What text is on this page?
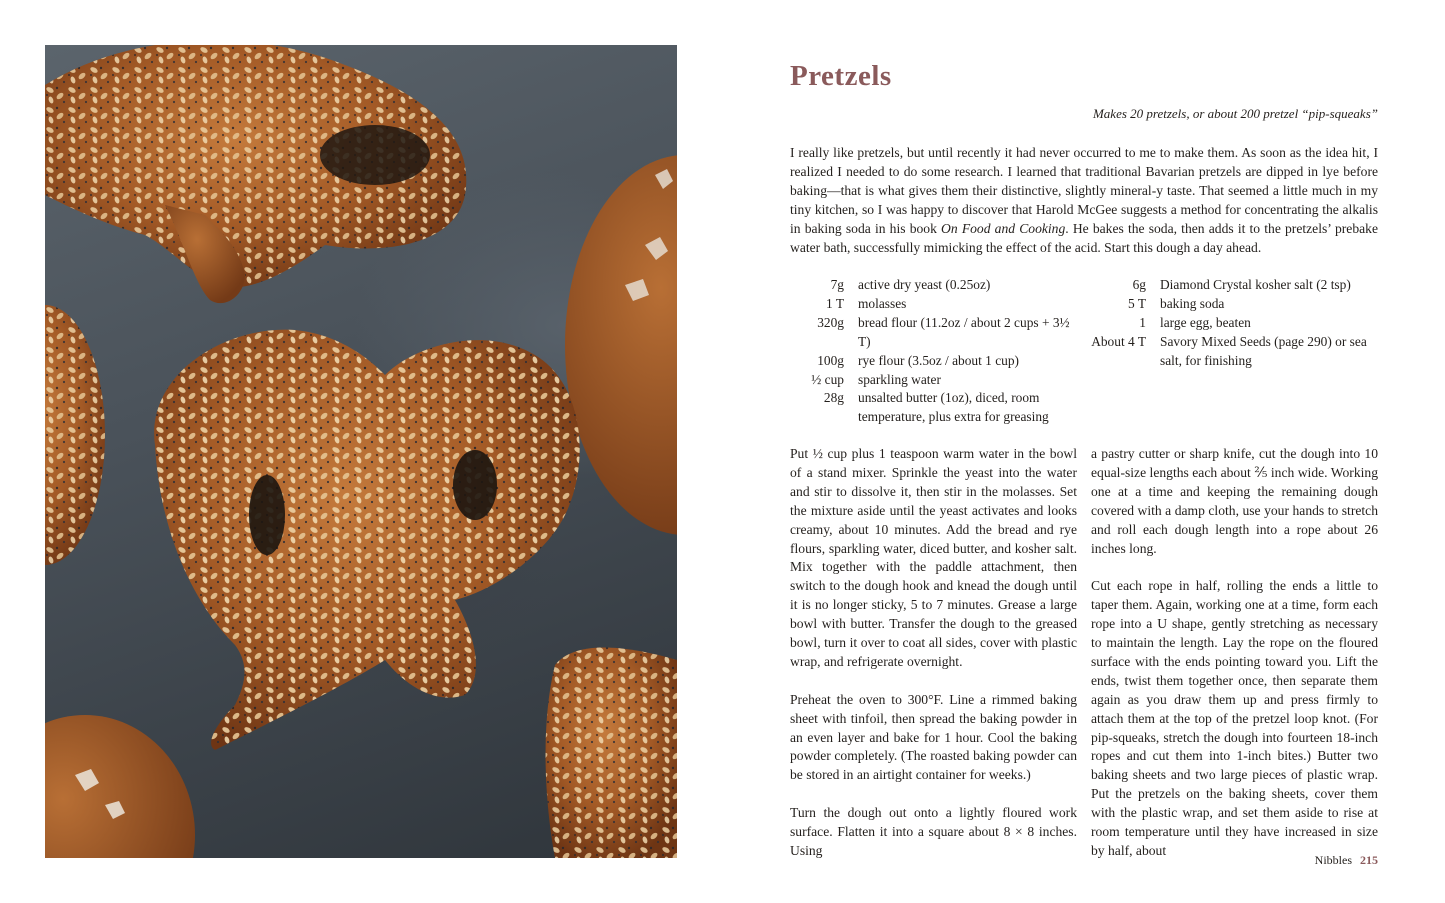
Pretzels
Makes 20 pretzels, or about 200 pretzel “pip-squeaks”

I really like pretzels, but until recently it had never occurred to me to make them. As soon as the idea hit, I realized I needed to do some research. I learned that traditional Bavarian pretzels are dipped in lye before baking—that is what gives them their distinctive, slightly mineral-y taste. That seemed a little much in my tiny kitchen, so I was happy to discover that Harold McGee suggests a method for concentrating the alkalis in baking soda in his book On Food and Cooking. He bakes the soda, then adds it to the pretzels’ prebake water bath, successfully mimicking the effect of the acid. Start this dough a day ahead.

7g	active dry yeast (0.25oz)
1 T	molasses
320g	bread flour (11.2oz / about 2 cups + 3½ T)
100g	rye flour (3.5oz / about 1 cup)
½ cup	sparkling water
28g	unsalted butter (1oz), diced, room temperature, plus extra for greasing
6g	Diamond Crystal kosher salt (2 tsp)
5 T	baking soda
1	large egg, beaten
About 4 T	Savory Mixed Seeds (page 290) or sea salt, for finishing

Put ½ cup plus 1 teaspoon warm water in the bowl of a stand mixer. Sprinkle the yeast into the water and stir to dissolve it, then stir in the molasses. Set the mixture aside until the yeast activates and looks creamy, about 10 minutes. Add the bread and rye flours, sparkling water, diced butter, and kosher salt. Mix together with the paddle attachment, then switch to the dough hook and knead the dough until it is no longer sticky, 5 to 7 minutes. Grease a large bowl with butter. Transfer the dough to the greased bowl, turn it over to coat all sides, cover with plastic wrap, and refrigerate overnight.

Preheat the oven to 300°F. Line a rimmed baking sheet with tinfoil, then spread the baking powder in an even layer and bake for 1 hour. Cool the baking powder completely. (The roasted baking powder can be stored in an airtight container for weeks.)

Turn the dough out onto a lightly floured work surface. Flatten it into a square about 8 × 8 inches. Using

a pastry cutter or sharp knife, cut the dough into 10 equal-size lengths each about ⅖ inch wide. Working one at a time and keeping the remaining dough covered with a damp cloth, use your hands to stretch and roll each dough length into a rope about 26 inches long.

Cut each rope in half, rolling the ends a little to taper them. Again, working one at a time, form each rope into a U shape, gently stretching as necessary to maintain the length. Lay the rope on the floured surface with the ends pointing toward you. Lift the ends, twist them together once, then separate them again as you draw them up and press firmly to attach them at the top of the pretzel loop knot. (For pip-squeaks, stretch the dough into fourteen 18-inch ropes and cut them into 1-inch bites.) Butter two baking sheets and two large pieces of plastic wrap. Put the pretzels on the baking sheets, cover them with the plastic wrap, and set them aside to rise at room temperature until they have increased in size by half, about

Nibbles 215
